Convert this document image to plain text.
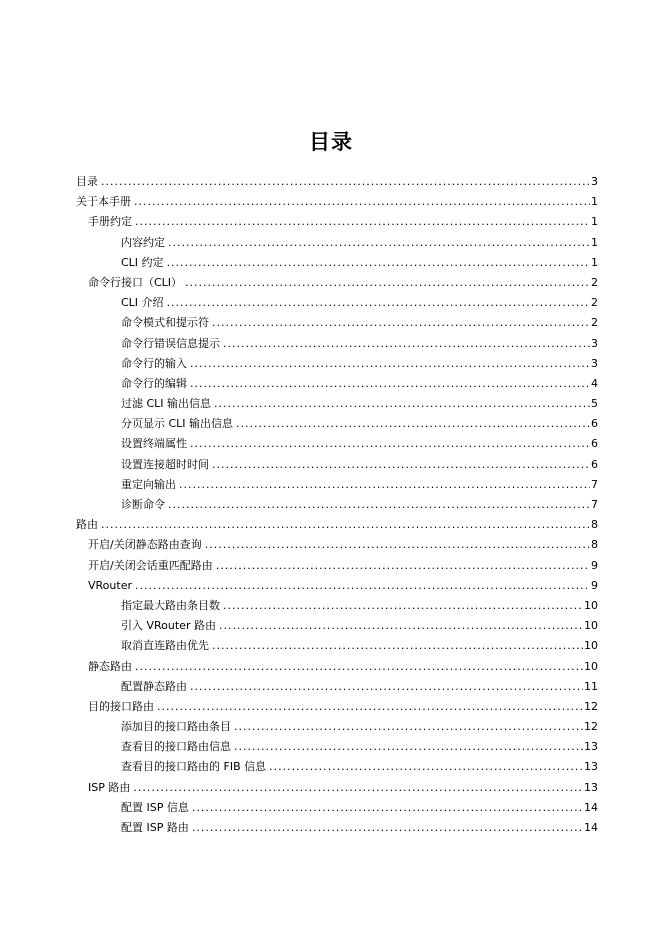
目录
目录 .....	3
关于本手册 .....	1
手册约定 .....	1
内容约定 .....	1
CLI 约定 .....	1
命令行接口（CLI） .....	2
CLI 介绍 .....	2
命令模式和提示符 .....	2
命令行错误信息提示 .....	3
命令行的输入 .....	3
命令行的编辑 .....	4
过滤 CLI 输出信息 .....	5
分页显示 CLI 输出信息 .....	6
设置终端属性 .....	6
设置连接超时时间 .....	6
重定向输出 .....	7
诊断命令 .....	7
路由 .....	8
开启/关闭静态路由查询 .....	8
开启/关闭会话重匹配路由 .....	9
VRouter .....	9
指定最大路由条目数 .....	10
引入 VRouter 路由 .....	10
取消直连路由优先 .....	10
静态路由 .....	10
配置静态路由 .....	11
目的接口路由 .....	12
添加目的接口路由条目 .....	12
查看目的接口路由信息 .....	13
查看目的接口路由的 FIB 信息 .....	13
ISP 路由 .....	13
配置 ISP 信息 .....	14
配置 ISP 路由 .....	14
